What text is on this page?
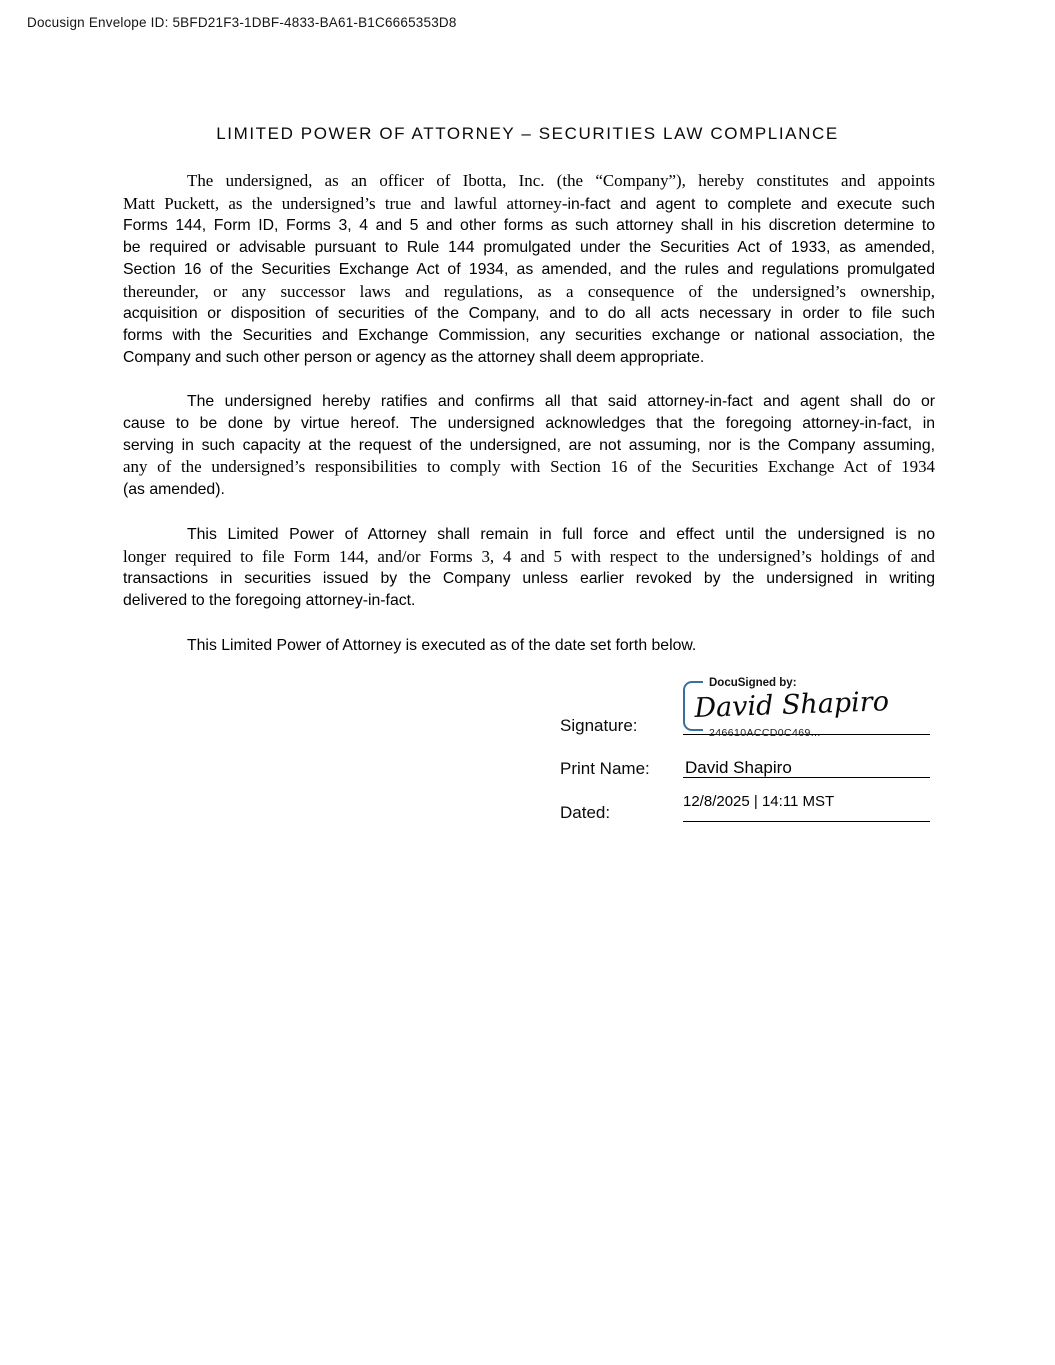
Docusign Envelope ID: 5BFD21F3-1DBF-4833-BA61-B1C6665353D8
LIMITED POWER OF ATTORNEY – SECURITIES LAW COMPLIANCE
The undersigned, as an officer of Ibotta, Inc. (the “Company”), hereby constitutes and appoints
Matt Puckett, as the undersigned’s true and lawful attorney-in-fact and agent to complete and execute such
Forms 144, Form ID, Forms 3, 4 and 5 and other forms as such attorney shall in his discretion determine to
be required or advisable pursuant to Rule 144 promulgated under the Securities Act of 1933, as amended,
Section 16 of the Securities Exchange Act of 1934, as amended, and the rules and regulations promulgated
thereunder, or any successor laws and regulations, as a consequence of the undersigned’s ownership,
acquisition or disposition of securities of the Company, and to do all acts necessary in order to file such
forms with the Securities and Exchange Commission, any securities exchange or national association, the
Company and such other person or agency as the attorney shall deem appropriate.
The undersigned hereby ratifies and confirms all that said attorney-in-fact and agent shall do or
cause to be done by virtue hereof. The undersigned acknowledges that the foregoing attorney-in-fact, in
serving in such capacity at the request of the undersigned, are not assuming, nor is the Company assuming,
any of the undersigned’s responsibilities to comply with Section 16 of the Securities Exchange Act of 1934
(as amended).
This Limited Power of Attorney shall remain in full force and effect until the undersigned is no
longer required to file Form 144, and/or Forms 3, 4 and 5 with respect to the undersigned’s holdings of and
transactions in securities issued by the Company unless earlier revoked by the undersigned in writing
delivered to the foregoing attorney-in-fact.
This Limited Power of Attorney is executed as of the date set forth below.
Signature:
Print Name:
Dated:
DocuSigned by:
David Shapiro
246610ACCD0C469...
David Shapiro
12/8/2025 | 14:11 MST
